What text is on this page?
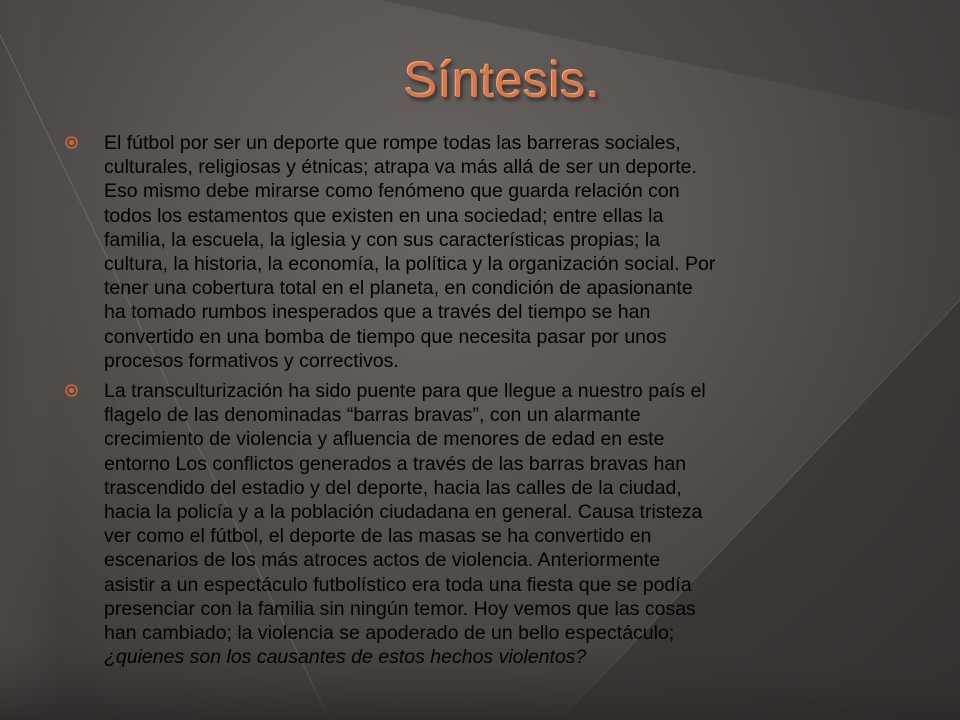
Síntesis.
El fútbol por ser un deporte que rompe todas las barreras sociales,
culturales, religiosas y étnicas; atrapa va más allá de ser un deporte.
Eso mismo debe mirarse como fenómeno que guarda relación con
todos los estamentos que existen en una sociedad; entre ellas la
familia, la escuela, la iglesia y con sus características propias; la
cultura, la historia, la economía, la política y la organización social. Por
tener una cobertura total en el planeta, en condición de apasionante
ha tomado rumbos inesperados que a través del tiempo se han
convertido en una bomba de tiempo que necesita pasar por unos
procesos formativos y correctivos.
La transculturización ha sido puente para que llegue a nuestro país el
flagelo de las denominadas “barras bravas”, con un alarmante
crecimiento de violencia y afluencia de menores de edad en este
entorno Los conflictos generados a través de las barras bravas han
trascendido del estadio y del deporte, hacia las calles de la ciudad,
hacia la policía y a la población ciudadana en general. Causa tristeza
ver como el fútbol, el deporte de las masas se ha convertido en
escenarios de los más atroces actos de violencia. Anteriormente
asistir a un espectáculo futbolístico era toda una fiesta que se podía
presenciar con la familia sin ningún temor. Hoy vemos que las cosas
han cambiado; la violencia se apoderado de un bello espectáculo;
¿quienes son los causantes de estos hechos violentos?
